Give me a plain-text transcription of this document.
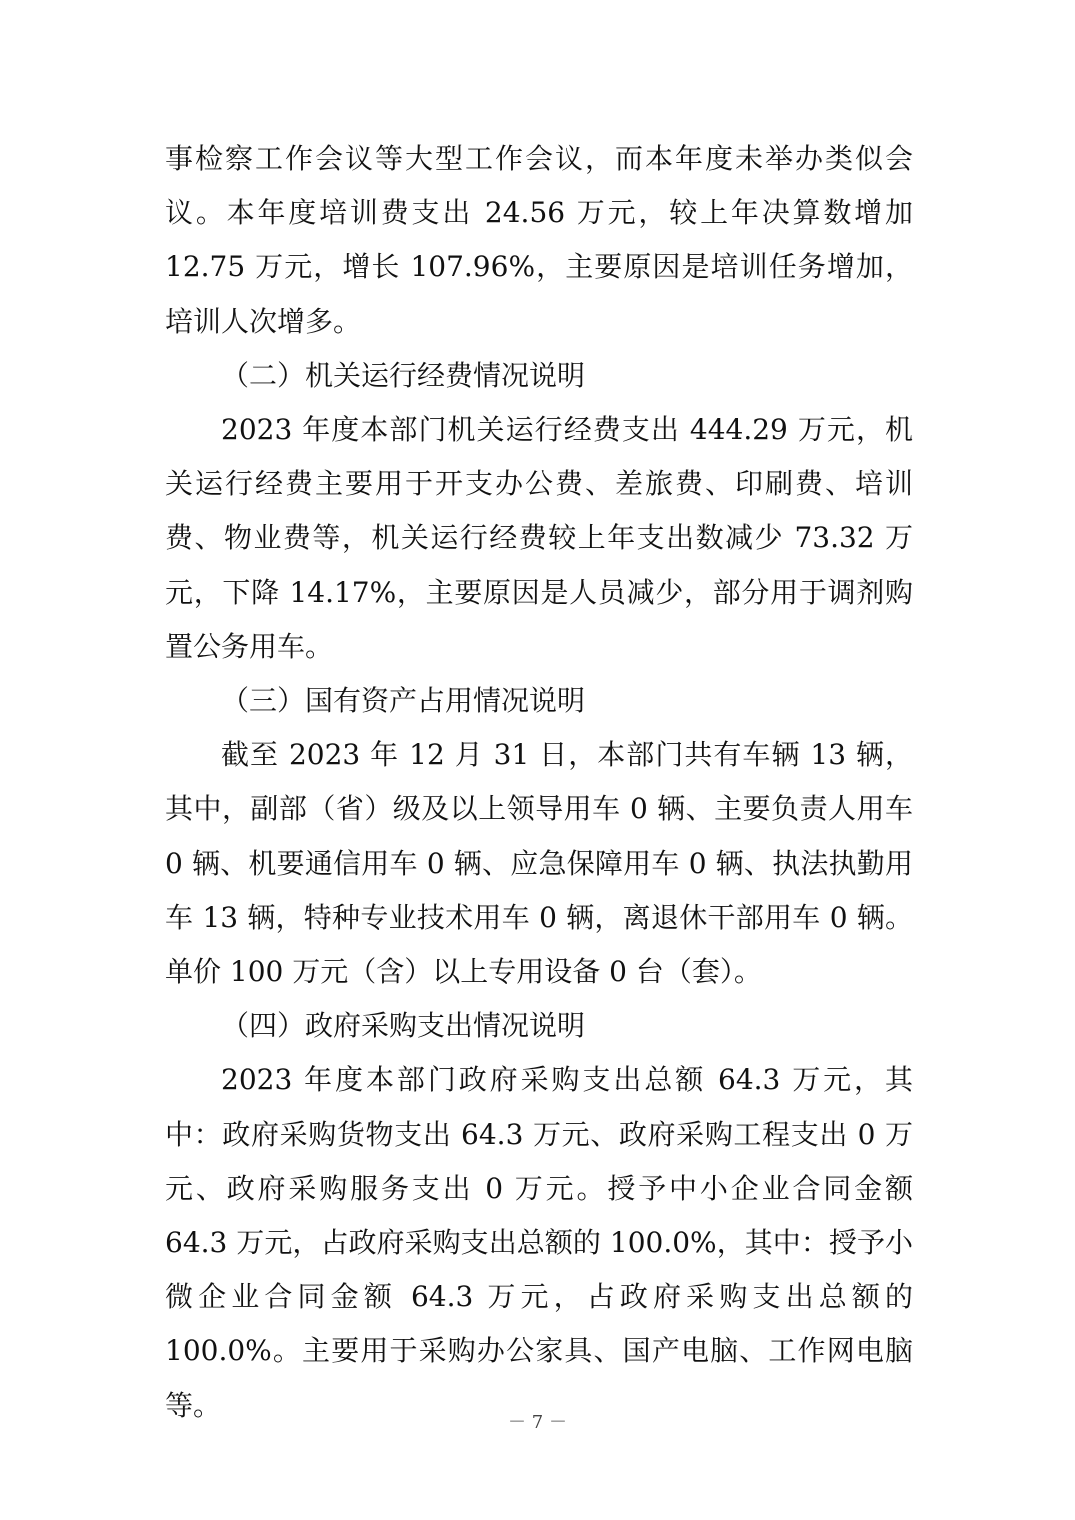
事检察工作会议等大型工作会议，而本年度未举办类似会议。本年度培训费支出 24.56 万元，较上年决算数增加 12.75 万元，增长 107.96%，主要原因是培训任务增加，培训人次增多。

（二）机关运行经费情况说明

2023 年度本部门机关运行经费支出 444.29 万元，机关运行经费主要用于开支办公费、差旅费、印刷费、培训费、物业费等，机关运行经费较上年支出数减少 73.32 万元，下降 14.17%，主要原因是人员减少，部分用于调剂购置公务用车。

（三）国有资产占用情况说明

截至 2023 年 12 月 31 日，本部门共有车辆 13 辆，其中，副部（省）级及以上领导用车 0 辆、主要负责人用车 0 辆、机要通信用车 0 辆、应急保障用车 0 辆、执法执勤用车 13 辆，特种专业技术用车 0 辆，离退休干部用车 0 辆。单价 100 万元（含）以上专用设备 0 台（套）。

（四）政府采购支出情况说明

2023 年度本部门政府采购支出总额 64.3 万元，其中：政府采购货物支出 64.3 万元、政府采购工程支出 0 万元、政府采购服务支出 0 万元。授予中小企业合同金额 64.3 万元，占政府采购支出总额的 100.0%，其中：授予小微企业合同金额 64.3 万元，占政府采购支出总额的 100.0%。主要用于采购办公家具、国产电脑、工作网电脑等。

－ 7 －
